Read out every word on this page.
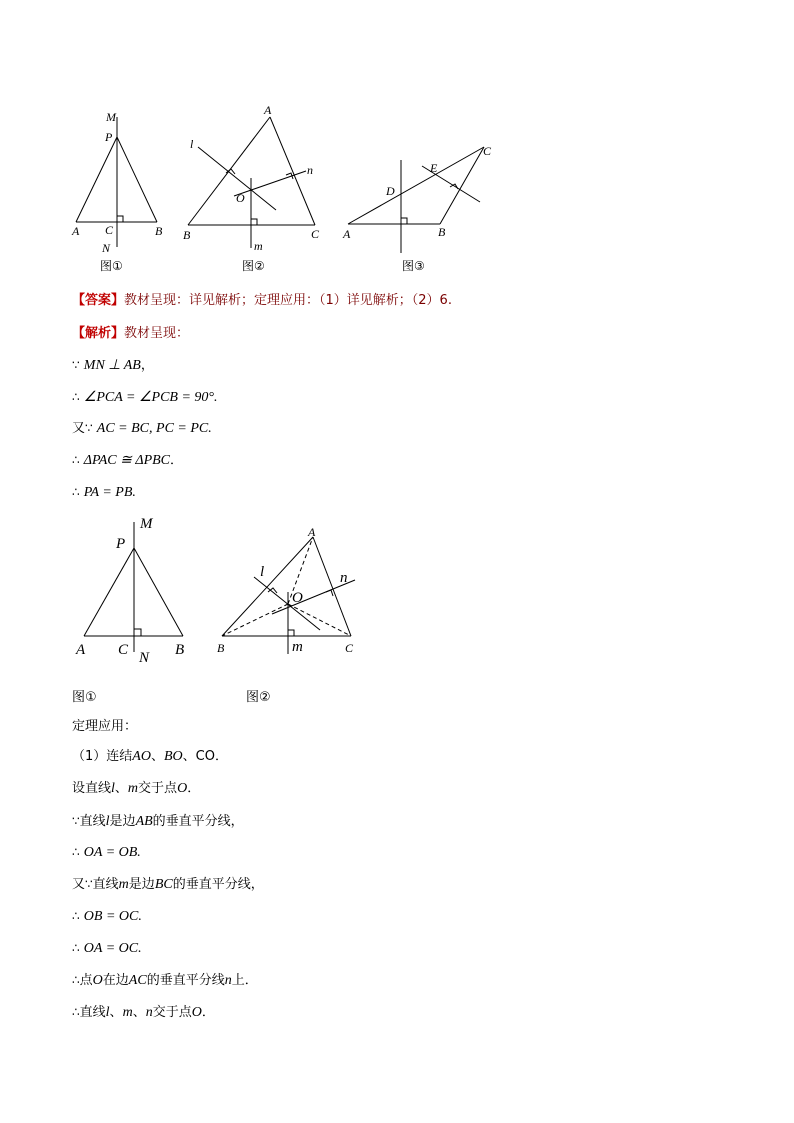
M
P
A C	B
N
图①
A
l
n
O
B
m
C
图②
C
E
D
A	B
图③
【答案】教材呈现：详见解析；定理应用：（1）详见解析；（2）6.
【解析】教材呈现：
∵ MN ⊥ AB，
∴ ∠PCA = ∠PCB = 90°.
又∵ AC = BC, PC = PC.
∴ ΔPAC ≅ ΔPBC．
∴ PA = PB.
M
P
A C N B
图①
A
l	n
O
B	m	C
图②
定理应用：
（1）连结AO、BO、CO．
设直线l、m交于点O．
∵直线l是边AB的垂直平分线，
∴ OA = OB.
又∵直线m是边BC的垂直平分线，
∴ OB = OC.
∴ OA = OC.
∴点O在边AC的垂直平分线n上．
∴直线l、m、n交于点O．
